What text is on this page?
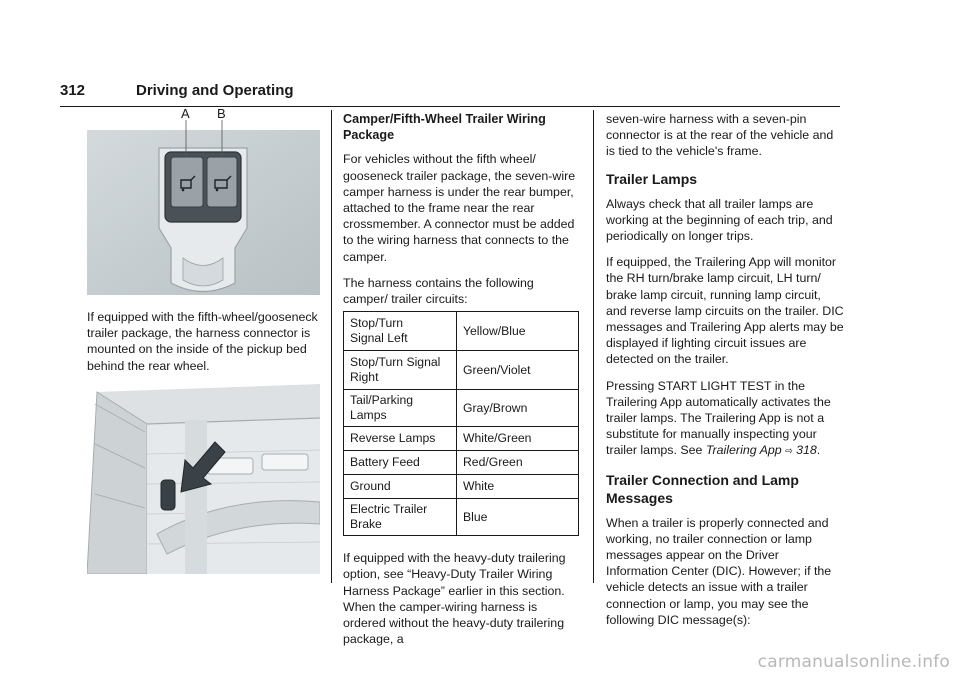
312	Driving and Operating
A B

If equipped with the fifth-wheel/gooseneck trailer package, the harness connector is mounted on the inside of the pickup bed behind the rear wheel.

Camper/Fifth-Wheel Trailer Wiring Package

For vehicles without the fifth wheel/ gooseneck trailer package, the seven-wire camper harness is under the rear bumper, attached to the frame near the rear crossmember. A connector must be added to the wiring harness that connects to the camper.

The harness contains the following camper/ trailer circuits:

Stop/Turn
Signal Left	Yellow/Blue
Stop/Turn Signal
Right	Green/Violet
Tail/Parking Lamps	Gray/Brown
Reverse Lamps	White/Green
Battery Feed	Red/Green
Ground	White
Electric Trailer Brake	Blue

If equipped with the heavy-duty trailering option, see “Heavy-Duty Trailer Wiring Harness Package” earlier in this section. When the camper-wiring harness is ordered without the heavy-duty trailering package, a

seven-wire harness with a seven-pin connector is at the rear of the vehicle and is tied to the vehicle's frame.

Trailer Lamps

Always check that all trailer lamps are working at the beginning of each trip, and periodically on longer trips.

If equipped, the Trailering App will monitor the RH turn/brake lamp circuit, LH turn/ brake lamp circuit, running lamp circuit, and reverse lamp circuits on the trailer. DIC messages and Trailering App alerts may be displayed if lighting circuit issues are detected on the trailer.

Pressing START LIGHT TEST in the Trailering App automatically activates the trailer lamps. The Trailering App is not a substitute for manually inspecting your trailer lamps. See Trailering App ⇨ 318.

Trailer Connection and Lamp Messages

When a trailer is properly connected and working, no trailer connection or lamp messages appear on the Driver Information Center (DIC). However; if the vehicle detects an issue with a trailer connection or lamp, you may see the following DIC message(s):

carmanualsonline.info
